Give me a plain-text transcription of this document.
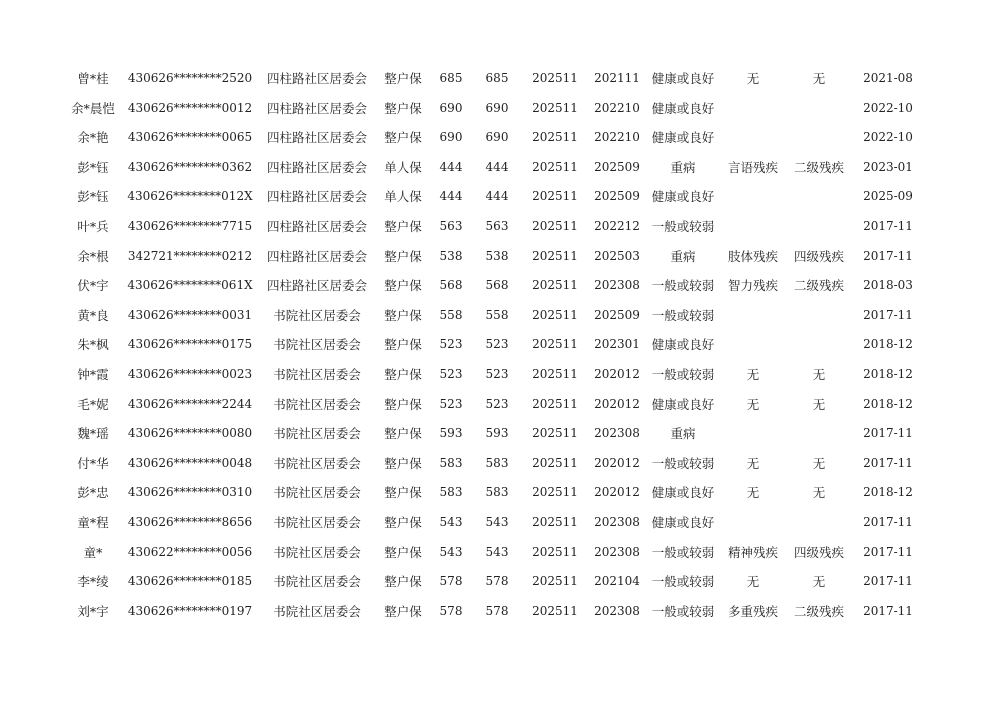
曾*桂 430626********2520 四柱路社区居委会 整户保 685 685 202511 202111 健康或良好	无	无	2021-08
余*晨恺 430626********0012 四柱路社区居委会 整户保 690 690 202511 202210 健康或良好	2022-10
余*艳 430626********0065 四柱路社区居委会 整户保 690 690 202511 202210 健康或良好	2022-10
彭*钰 430626********0362 四柱路社区居委会 单人保 444 444 202511 202509 重病	言语残疾 二级残疾 2023-01
彭*钰 430626********012X 四柱路社区居委会 单人保 444 444 202511 202509 健康或良好	2025-09
叶*兵 430626********7715 四柱路社区居委会 整户保 563 563 202511 202212 一般或较弱	2017-11
余*根 342721********0212 四柱路社区居委会 整户保 538 538 202511 202503 重病	肢体残疾 四级残疾 2017-11
伏*宇 430626********061X 四柱路社区居委会 整户保 568 568 202511 202308 一般或较弱 智力残疾 二级残疾 2018-03
黄*良 430626********0031 书院社区居委会 整户保 558 558 202511 202509 一般或较弱	2017-11
朱*枫 430626********0175 书院社区居委会 整户保 523 523 202511 202301 健康或良好	2018-12
钟*霞 430626********0023 书院社区居委会 整户保 523 523 202511 202012 一般或较弱	无	无	2018-12
毛*妮 430626********2244 书院社区居委会 整户保 523 523 202511 202012 健康或良好	无	无	2018-12
魏*瑶 430626********0080 书院社区居委会 整户保 593 593 202511 202308 重病	2017-11
付*华 430626********0048 书院社区居委会 整户保 583 583 202511 202012 一般或较弱	无	无	2017-11
彭*忠 430626********0310 书院社区居委会 整户保 583 583 202511 202012 健康或良好	无	无	2018-12
童*程 430626********8656 书院社区居委会 整户保 543 543 202511 202308 健康或良好	2017-11
童* 430622********0056 书院社区居委会 整户保 543 543 202511 202308 一般或较弱 精神残疾 四级残疾 2017-11
李*绫 430626********0185 书院社区居委会 整户保 578 578 202511 202104 一般或较弱	无	无	2017-11
刘*宇 430626********0197 书院社区居委会 整户保 578 578 202511 202308 一般或较弱 多重残疾 二级残疾 2017-11
